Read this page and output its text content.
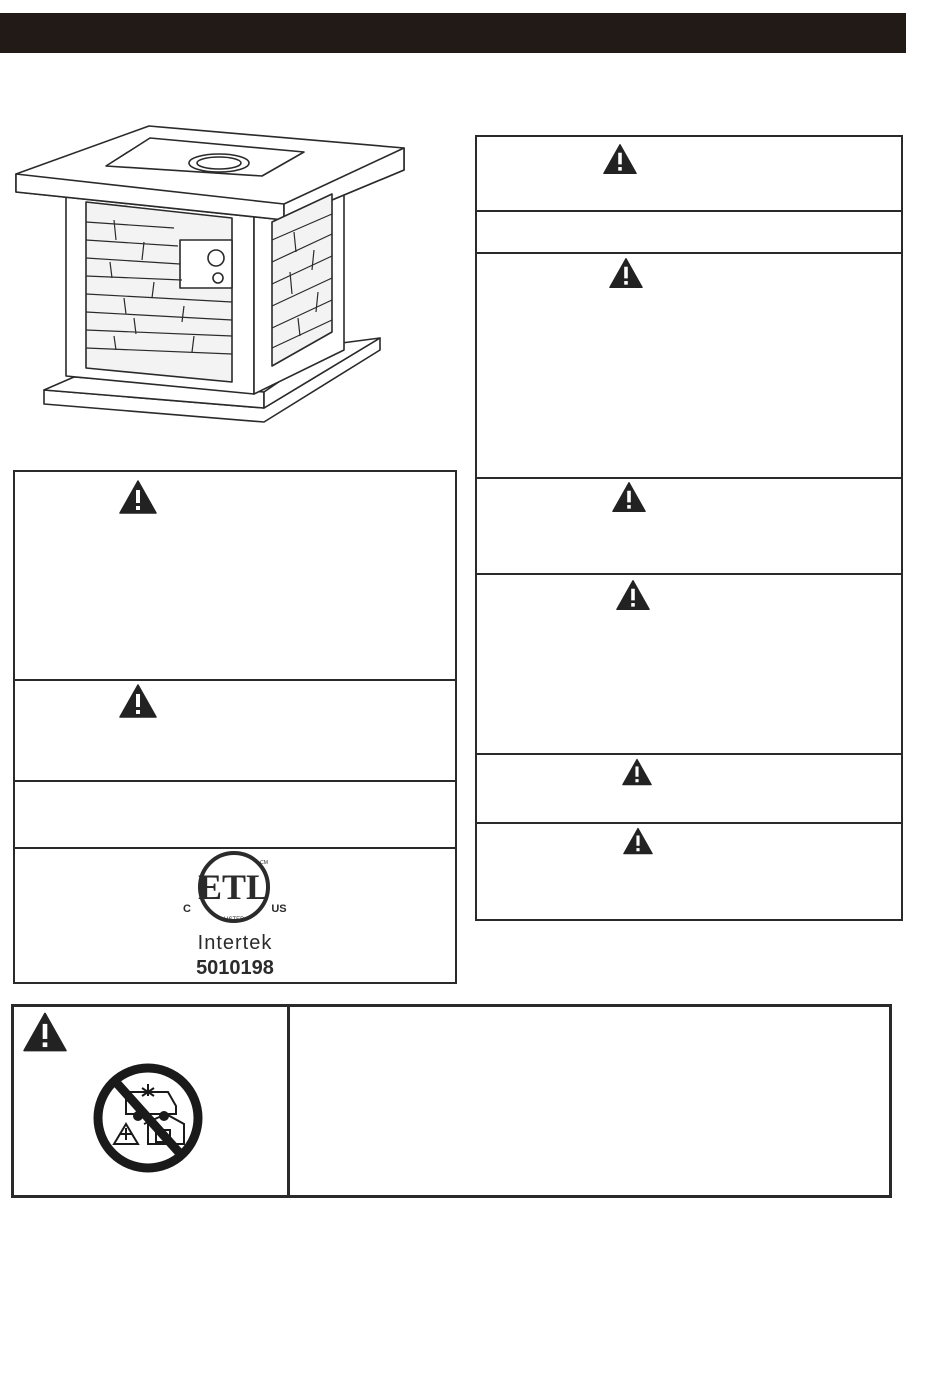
ETL
C	US
CM
LISTED
Intertek
5010198
